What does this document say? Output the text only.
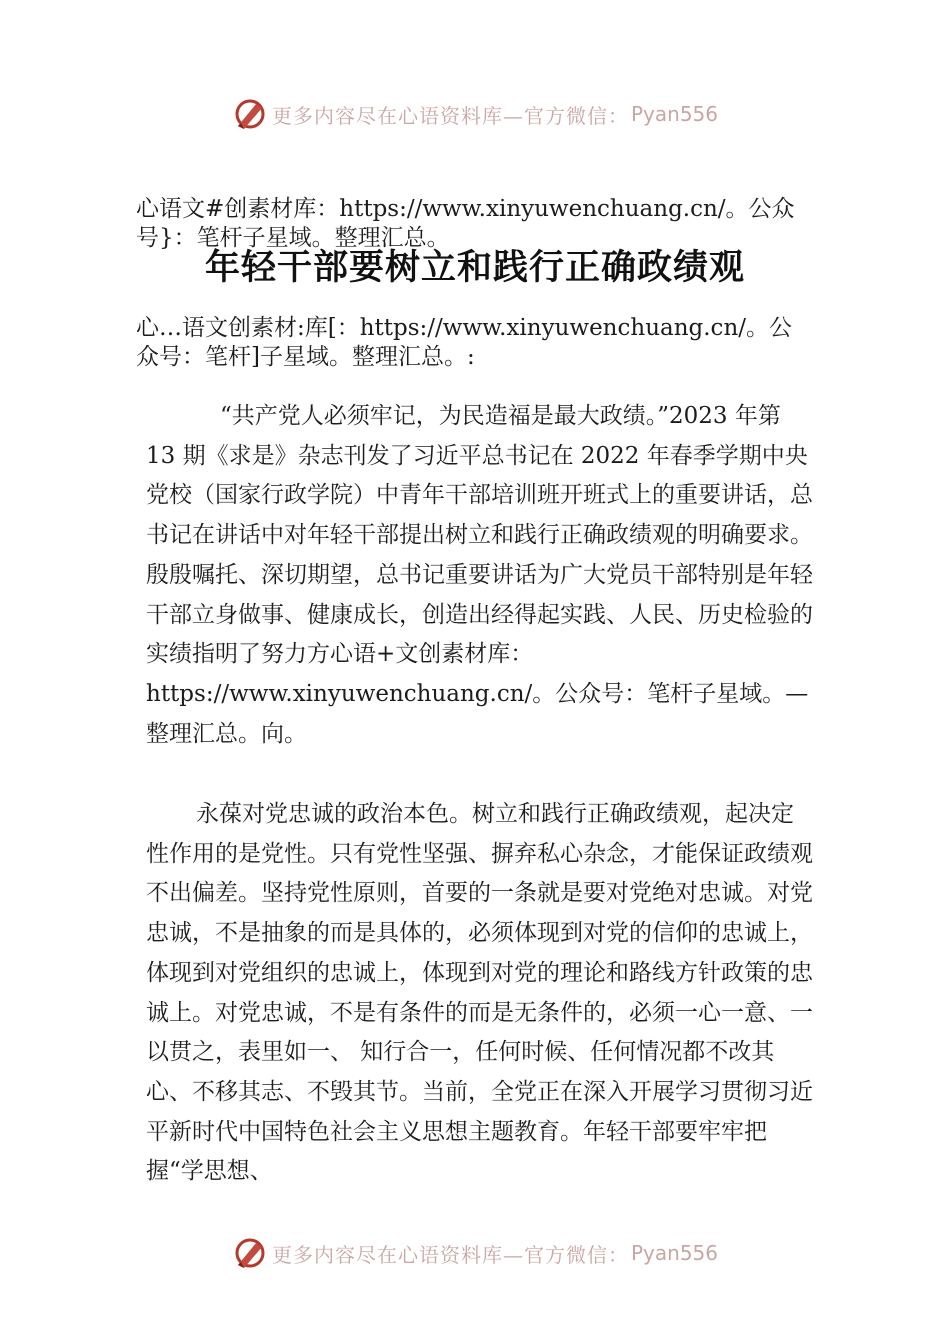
更多内容尽在心语资料库—官方微信： Pyan556
心语文#创素材库：https://www.xinyuwenchuang.cn/。公众
号}：笔杆子星域。整理汇总。
年轻干部要树立和践行正确政绩观
心…语文创素材:库[：https://www.xinyuwenchuang.cn/。公
众号：笔杆]子星域。整理汇总。:
“共产党人必须牢记，为民造福是最大政绩。”2023 年第 13 期《求是》杂志刊发了习近平总书记在 2022 年春季学期中央党校（国家行政学院）中青年干部培训班开班式上的重要讲话，总书记在讲话中对年轻干部提出树立和践行正确政绩观的明确要求。殷殷嘱托、深切期望，总书记重要讲话为广大党员干部特别是年轻干部立身做事、健康成长，创造出经得起实践、人民、历史检验的实绩指明了努力方心语+文创素材库：https://www.xinyuwenchuang.cn/。公众号：笔杆子星域。—整理汇总。向。
永葆对党忠诚的政治本色。树立和践行正确政绩观，起决定性作用的是党性。只有党性坚强、摒弃私心杂念，才能保证政绩观不出偏差。坚持党性原则，首要的一条就是要对党绝对忠诚。对党忠诚，不是抽象的而是具体的，必须体现到对党的信仰的忠诚上，体现到对党组织的忠诚上，体现到对党的理论和路线方针政策的忠诚上。对党忠诚，不是有条件的而是无条件的，必须一心一意、一以贯之，表里如一、 知行合一，任何时候、任何情况都不改其心、不移其志、不毁其节。当前，全党正在深入开展学习贯彻习近平新时代中国特色社会主义思想主题教育。年轻干部要牢牢把握“学思想、
更多内容尽在心语资料库—官方微信： Pyan556
